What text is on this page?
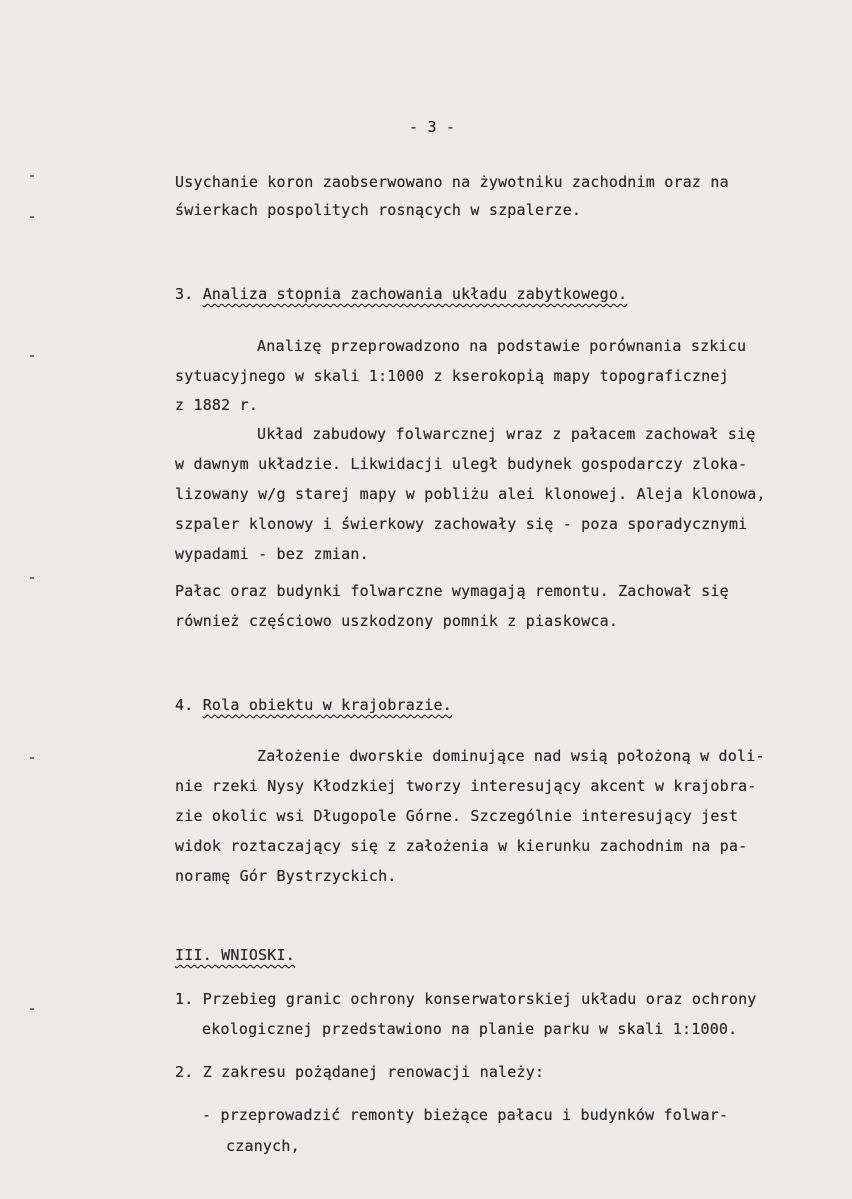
- 3 -
Usychanie koron zaobserwowano na żywotniku zachodnim oraz na
świerkach pospolitych rosnących w szpalerze.
3. Analiza stopnia zachowania układu zabytkowego.
Analizę przeprowadzono na podstawie porównania szkicu
sytuacyjnego w skali 1:1000 z kserokopią mapy topograficznej
z 1882 r.
Układ zabudowy folwarcznej wraz z pałacem zachował się
w dawnym układzie. Likwidacji uległ budynek gospodarczy zloka-
lizowany w/g starej mapy w pobliżu alei klonowej. Aleja klonowa,
szpaler klonowy i świerkowy zachowały się - poza sporadycznymi
wypadami - bez zmian.
Pałac oraz budynki folwarczne wymagają remontu. Zachował się
również częściowo uszkodzony pomnik z piaskowca.
4. Rola obiektu w krajobrazie.
Założenie dworskie dominujące nad wsią położoną w doli-
nie rzeki Nysy Kłodzkiej tworzy interesujący akcent w krajobra-
zie okolic wsi Długopole Górne. Szczególnie interesujący jest
widok roztaczający się z założenia w kierunku zachodnim na pa-
noramę Gór Bystrzyckich.
III. WNIOSKI.
1. Przebieg granic ochrony konserwatorskiej układu oraz ochrony
ekologicznej przedstawiono na planie parku w skali 1:1000.
2. Z zakresu pożądanej renowacji należy:
- przeprowadzić remonty bieżące pałacu i budynków folwar-
czanych,
